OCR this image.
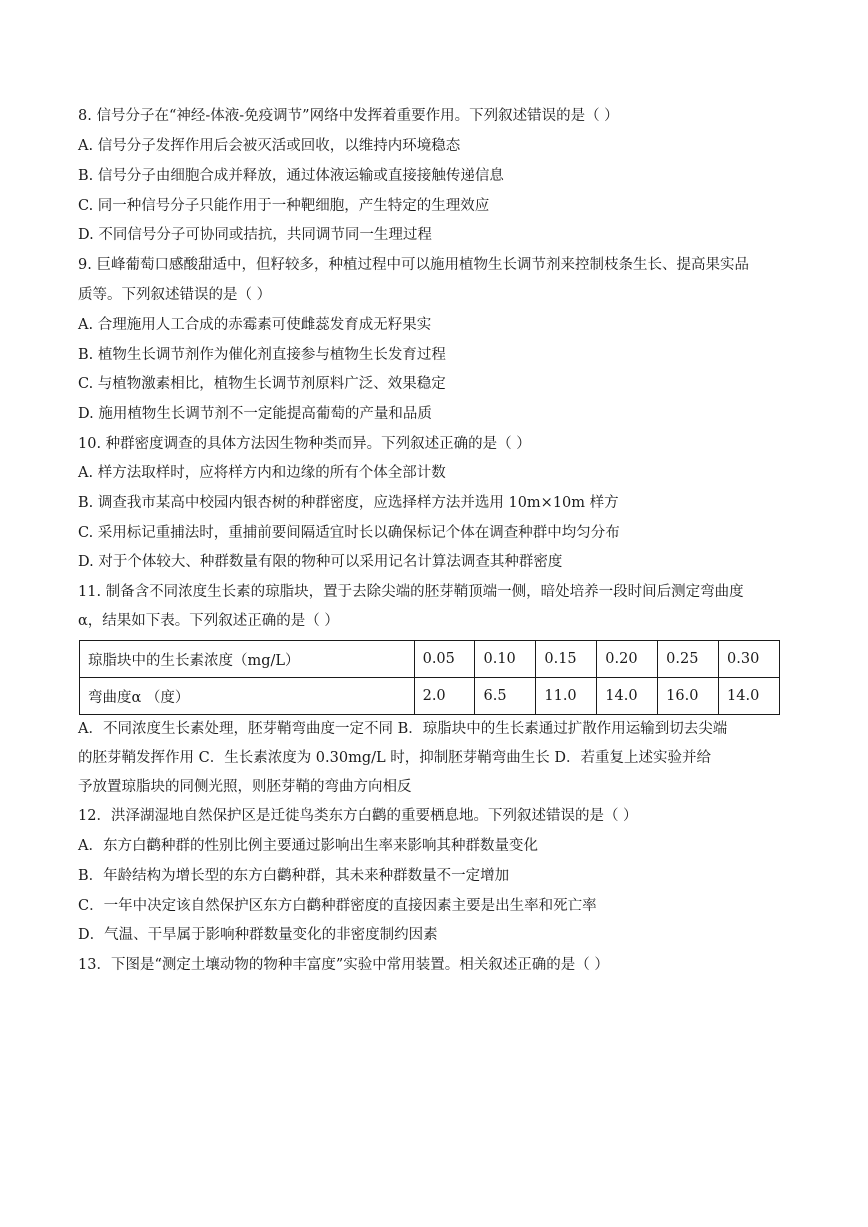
8. 信号分子在“神经-体液-免疫调节”网络中发挥着重要作用。下列叙述错误的是（ ）
A. 信号分子发挥作用后会被灭活或回收，以维持内环境稳态
B. 信号分子由细胞合成并释放，通过体液运输或直接接触传递信息
C. 同一种信号分子只能作用于一种靶细胞，产生特定的生理效应
D. 不同信号分子可协同或拮抗，共同调节同一生理过程
9. 巨峰葡萄口感酸甜适中，但籽较多，种植过程中可以施用植物生长调节剂来控制枝条生长、提高果实品
质等。下列叙述错误的是（ ）
A. 合理施用人工合成的赤霉素可使雌蕊发育成无籽果实
B. 植物生长调节剂作为催化剂直接参与植物生长发育过程
C. 与植物激素相比，植物生长调节剂原料广泛、效果稳定
D. 施用植物生长调节剂不一定能提高葡萄的产量和品质
10. 种群密度调查的具体方法因生物种类而异。下列叙述正确的是（ ）
A. 样方法取样时，应将样方内和边缘的所有个体全部计数
B. 调查我市某高中校园内银杏树的种群密度，应选择样方法并选用 10m×10m 样方
C. 采用标记重捕法时，重捕前要间隔适宜时长以确保标记个体在调查种群中均匀分布
D. 对于个体较大、种群数量有限的物种可以采用记名计算法调查其种群密度
11. 制备含不同浓度生长素的琼脂块，置于去除尖端的胚芽鞘顶端一侧，暗处培养一段时间后测定弯曲度
α，结果如下表。下列叙述正确的是（ ）
琼脂块中的生长素浓度（mg/L）	0.05	0.10	0.15	0.20	0.25	0.30
弯曲度α （度）	2.0	6.5	11.0	14.0	16.0	14.0
A．不同浓度生长素处理，胚芽鞘弯曲度一定不同 B．琼脂块中的生长素通过扩散作用运输到切去尖端
的胚芽鞘发挥作用 C．生长素浓度为 0.30mg/L 时，抑制胚芽鞘弯曲生长 D．若重复上述实验并给
予放置琼脂块的同侧光照，则胚芽鞘的弯曲方向相反
12．洪泽湖湿地自然保护区是迁徙鸟类东方白鹳的重要栖息地。下列叙述错误的是（ ）
A．东方白鹳种群的性别比例主要通过影响出生率来影响其种群数量变化
B．年龄结构为增长型的东方白鹳种群，其未来种群数量不一定增加
C．一年中决定该自然保护区东方白鹳种群密度的直接因素主要是出生率和死亡率
D．气温、干旱属于影响种群数量变化的非密度制约因素
13．下图是“测定土壤动物的物种丰富度”实验中常用装置。相关叙述正确的是（ ）
